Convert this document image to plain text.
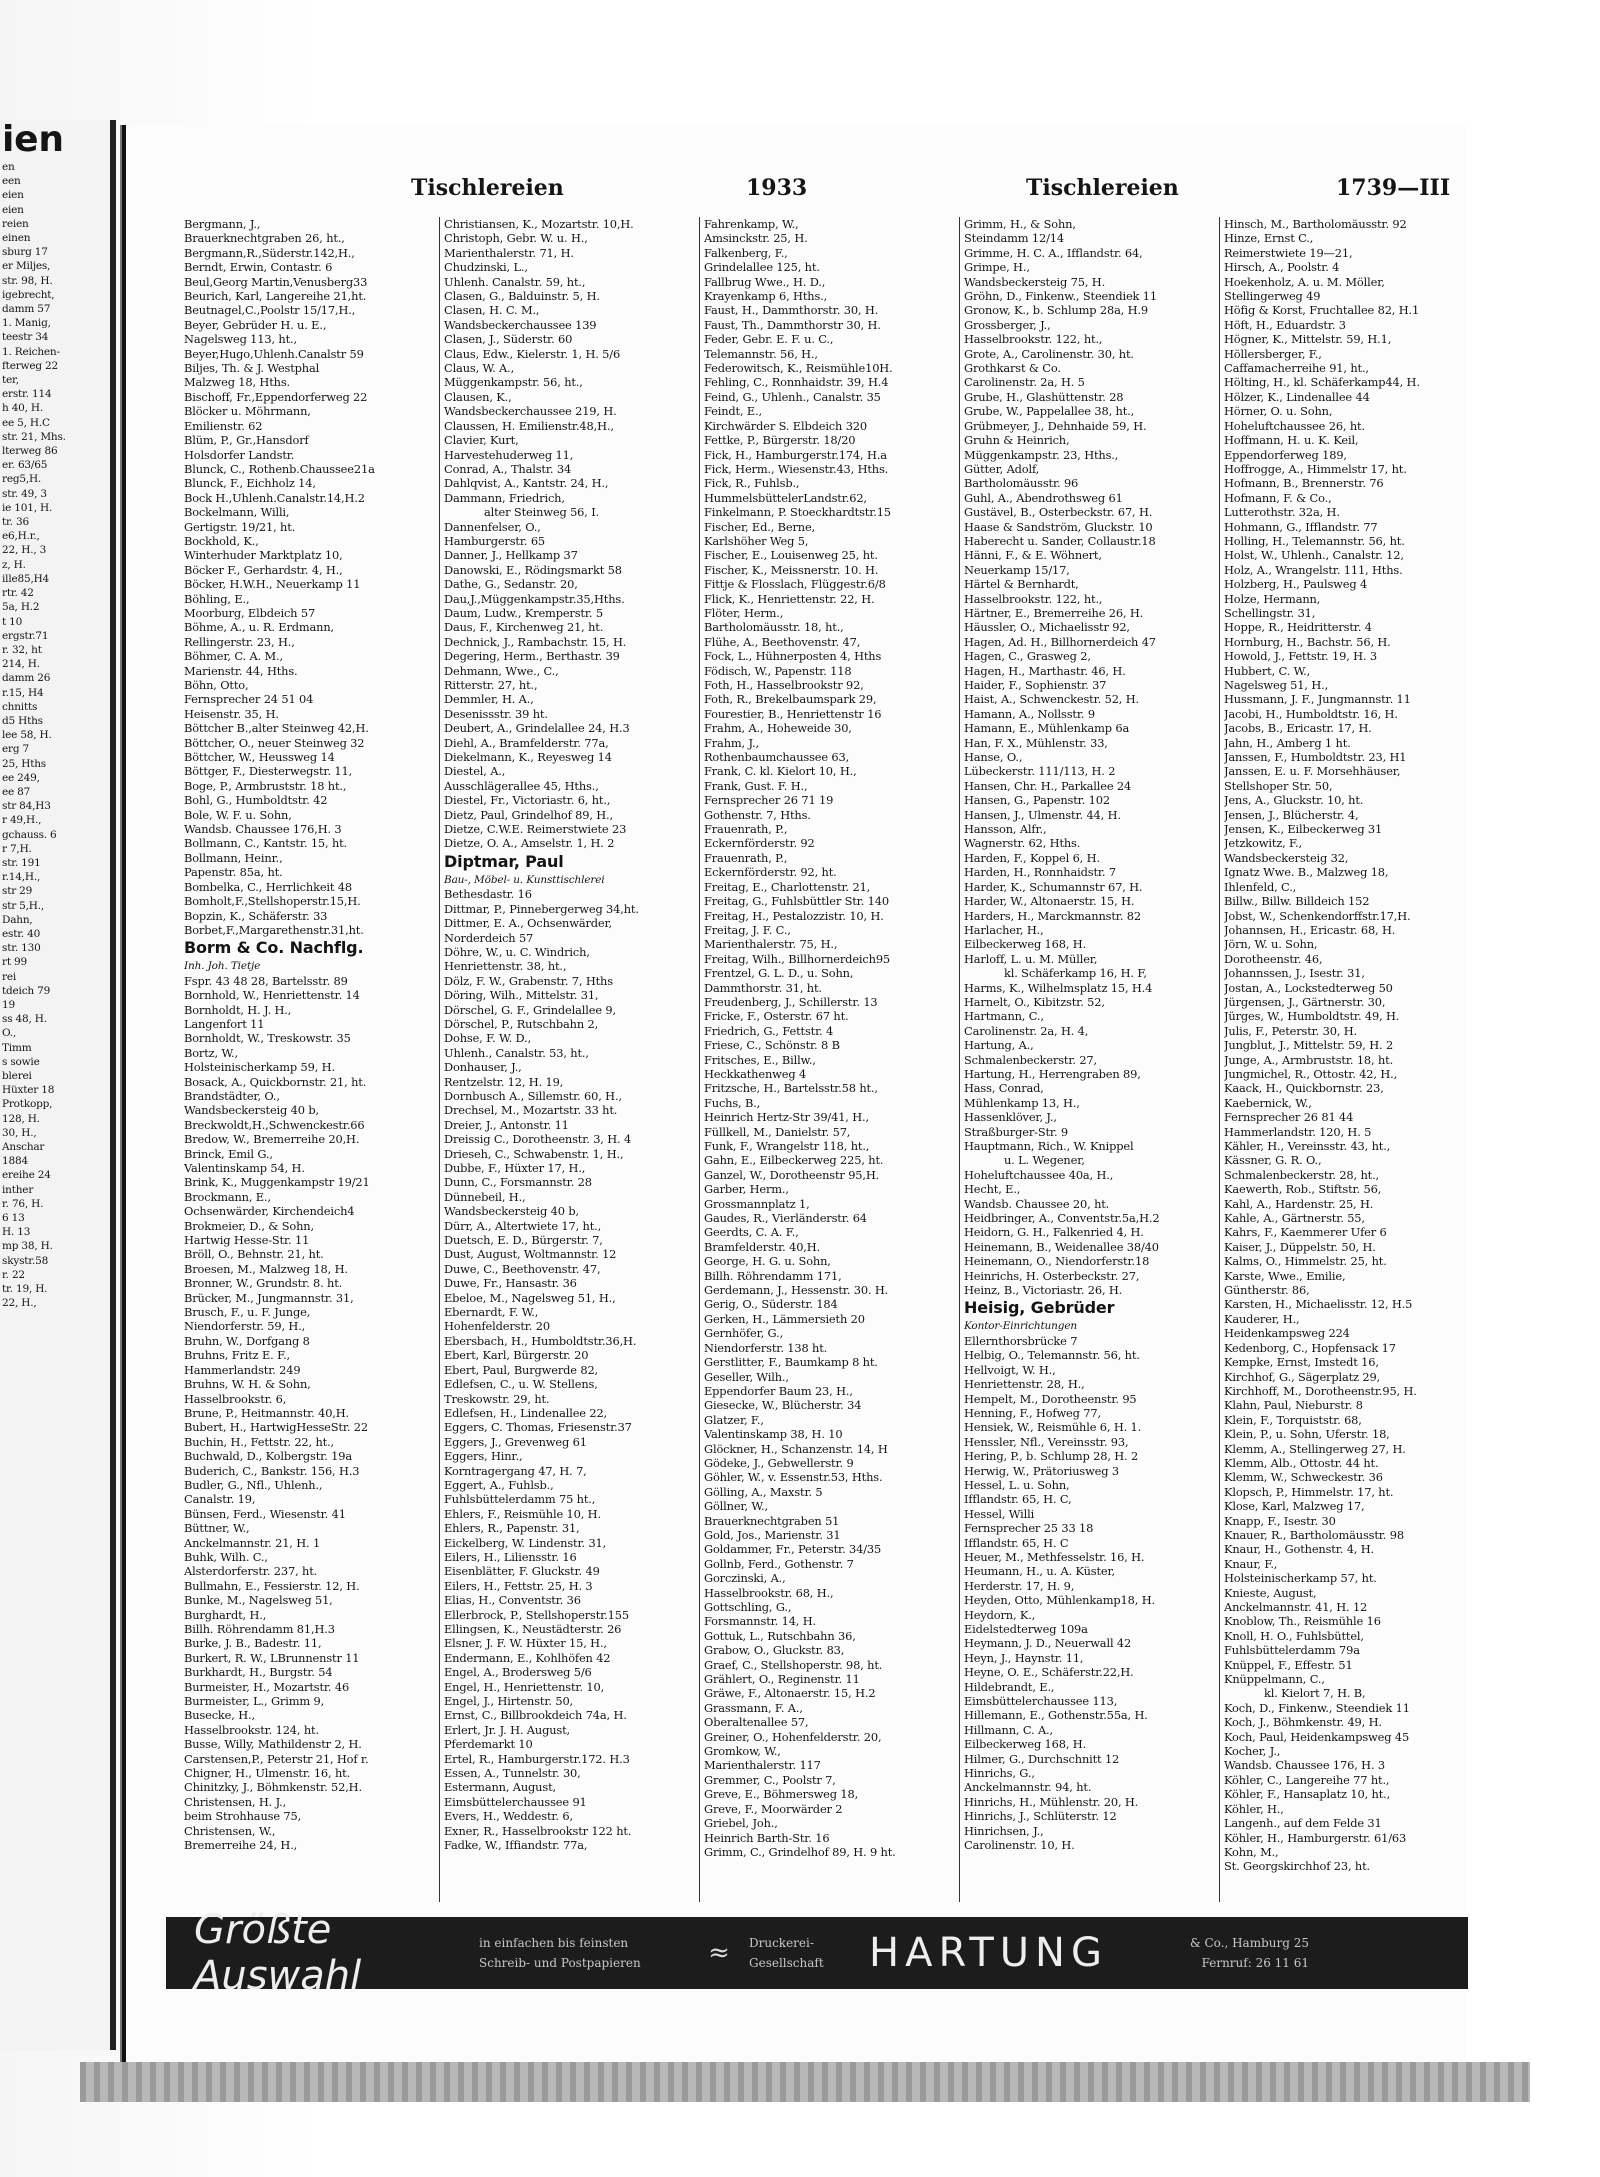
ien
en
een
eien
eien
reien
einen
sburg 17
er Miljes,
str. 98, H.
igebrecht,
damm 57
1. Manig,
teestr 34
1. Reichen-
fterweg 22
ter,
erstr. 114
h 40, H.
ee 5, H.C
str. 21, Mhs.
lterweg 86
er. 63/65
reg5,H.
str. 49, 3
ie 101, H.
tr. 36
e6,H.r.,
22, H., 3
z, H.
ille85,H4
rtr. 42
5a, H.2
t 10
ergstr.71
r. 32, ht
214, H.
damm 26
r.15, H4
chnitts
d5 Hths
lee 58, H.
erg 7
25, Hths
ee 249,
ee 87
str 84,H3
r 49,H.,
gchauss. 6
r 7,H.
str. 191
r.14,H.,
str 29
str 5,H.,
Dahn,
estr. 40
str. 130
rt 99
rei
tdeich 79
19
ss 48, H.
O.,
Timm
s sowie
blerei
Hüxter 18
Protkopp,
128, H.
30, H.,
Anschar
1884
ereihe 24
inther
r. 76, H.
6 13
H. 13
mp 38, H.
skystr.58
r. 22
tr. 19, H.
22, H.,
Tischlereien	1933	Tischlereien	1739—III
Bergmann, J.,
Brauerknechtgraben 26, ht.,
Bergmann,R.,Süderstr.142,H.,
Berndt, Erwin, Contastr. 6
Beul,Georg Martin,Venusberg33
Beurich, Karl, Langereihe 21,ht.
Beutnagel,C.,Poolstr 15/17,H.,
Beyer, Gebrüder H. u. E.,
Nagelsweg 113, ht.,
Beyer,Hugo,Uhlenh.Canalstr 59
Biljes, Th. & J. Westphal
Malzweg 18, Hths.
Bischoff, Fr.,Eppendorferweg 22
Blöcker u. Möhrmann,
Emilienstr. 62
Blüm, P., Gr.,Hansdorf
Holsdorfer Landstr.
Blunck, C., Rothenb.Chaussee21a
Blunck, F., Eichholz 14,
Bock H.,Uhlenh.Canalstr.14,H.2
Bockelmann, Willi,
Gertigstr. 19/21, ht.
Bockhold, K.,
Winterhuder Marktplatz 10,
Böcker F., Gerhardstr. 4, H.,
Böcker, H.W.H., Neuerkamp 11
Böhling, E.,
Moorburg, Elbdeich 57
Böhme, A., u. R. Erdmann,
Rellingerstr. 23, H.,
Böhmer, C. A. M.,
Marienstr. 44, Hths.
Böhn, Otto,
Fernsprecher 24 51 04
Heisenstr. 35, H.
Böttcher B.,alter Steinweg 42,H.
Böttcher, O., neuer Steinweg 32
Böttcher, W., Heussweg 14
Böttger, F., Diesterwegstr. 11,
Boge, P., Armbruststr. 18 ht.,
Bohl, G., Humboldtstr. 42
Bole, W. F. u. Sohn,
Wandsb. Chaussee 176,H. 3
Bollmann, C., Kantstr. 15, ht.
Bollmann, Heinr.,
Papenstr. 85a, ht.
Bombelka, C., Herrlichkeit 48
Bomholt,F.,Stellshoperstr.15,H.
Bopzin, K., Schäferstr. 33
Borbet,F.,Margarethenstr.31,ht.
Borm & Co. Nachflg.
Inh. Joh. Tietje
Fspr. 43 48 28, Bartelsstr. 89
Bornhold, W., Henriettenstr. 14
Bornholdt, H. J. H.,
Langenfort 11
Bornholdt, W., Treskowstr. 35
Bortz, W.,
Holsteinischerkamp 59, H.
Bosack, A., Quickbornstr. 21, ht.
Brandstädter, O.,
Wandsbeckersteig 40 b,
Breckwoldt,H.,Schwenckestr.66
Bredow, W., Bremerreihe 20,H.
Brinck, Emil G.,
Valentinskamp 54, H.
Brink, K., Muggenkampstr 19/21
Brockmann, E.,
Ochsenwärder, Kirchendeich4
Brokmeier, D., & Sohn,
Hartwig Hesse-Str. 11
Bröll, O., Behnstr. 21, ht.
Broesen, M., Malzweg 18, H.
Bronner, W., Grundstr. 8. ht.
Brücker, M., Jungmannstr. 31,
Brusch, F., u. F. Junge,
Niendorferstr. 59, H.,
Bruhn, W., Dorfgang 8
Bruhns, Fritz E. F.,
Hammerlandstr. 249
Bruhns, W. H. & Sohn,
Hasselbrookstr. 6,
Brune, P., Heitmannstr. 40,H.
Bubert, H., HartwigHesseStr. 22
Buchin, H., Fettstr. 22, ht.,
Buchwald, D., Kolbergstr. 19a
Buderich, C., Bankstr. 156, H.3
Budler, G., Nfl., Uhlenh.,
Canalstr. 19,
Bünsen, Ferd., Wiesenstr. 41
Büttner, W.,
Anckelmannstr. 21, H. 1
Buhk, Wilh. C.,
Alsterdorferstr. 237, ht.
Bullmahn, E., Fessierstr. 12, H.
Bunke, M., Nagelsweg 51,
Burghardt, H.,
Billh. Röhrendamm 81,H.3
Burke, J. B., Badestr. 11,
Burkert, R. W., LBrunnenstr 11
Burkhardt, H., Burgstr. 54
Burmeister, H., Mozartstr. 46
Burmeister, L., Grimm 9,
Busecke, H.,
Hasselbrookstr. 124, ht.
Busse, Willy, Mathildenstr 2, H.
Carstensen,P., Peterstr 21, Hof r.
Chigner, H., Ulmenstr. 16, ht.
Chinitzky, J., Böhmkenstr. 52,H.
Christensen, H. J.,
beim Strohhause 75,
Christensen, W.,
Bremerreihe 24, H.,
Christiansen, K., Mozartstr. 10,H.
Christoph, Gebr. W. u. H.,
Marienthalerstr. 71, H.
Chudzinski, L.,
Uhlenh. Canalstr. 59, ht.,
Clasen, G., Balduinstr. 5, H.
Clasen, H. C. M.,
Wandsbeckerchaussee 139
Clasen, J., Süderstr. 60
Claus, Edw., Kielerstr. 1, H. 5/6
Claus, W. A.,
Müggenkampstr. 56, ht.,
Clausen, K.,
Wandsbeckerchaussee 219, H.
Claussen, H. Emilienstr.48,H.,
Clavier, Kurt,
Harvestehuderweg 11,
Conrad, A., Thalstr. 34
Dahlqvist, A., Kantstr. 24, H.,
Dammann, Friedrich,
alter Steinweg 56, I.
Dannenfelser, O.,
Hamburgerstr. 65
Danner, J., Hellkamp 37
Danowski, E., Rödingsmarkt 58
Dathe, G., Sedanstr. 20,
Dau,J.,Müggenkampstr.35,Hths.
Daum, Ludw., Kremperstr. 5
Daus, F., Kirchenweg 21, ht.
Dechnick, J., Rambachstr. 15, H.
Degering, Herm., Berthastr. 39
Dehmann, Wwe., C.,
Ritterstr. 27, ht.,
Demmler, H. A.,
Desenissstr. 39 ht.
Deubert, A., Grindelallee 24, H.3
Diehl, A., Bramfelderstr. 77a,
Diekelmann, K., Reyesweg 14
Diestel, A.,
Ausschlägerallee 45, Hths.,
Diestel, Fr., Victoriastr. 6, ht.,
Dietz, Paul, Grindelhof 89, H.,
Dietze, C.W.E. Reimerstwiete 23
Dietze, O. A., Amselstr. 1, H. 2
Diptmar, Paul
Bau-, Möbel- u. Kunsttischlerei
Bethesdastr. 16
Dittmar, P., Pinnebergerweg 34,ht.
Dittmer, E. A., Ochsenwärder,
Norderdeich 57
Döhre, W., u. C. Windrich,
Henriettenstr. 38, ht.,
Dölz, F. W., Grabenstr. 7, Hths
Döring, Wilh., Mittelstr. 31,
Dörschel, G. F., Grindelallee 9,
Dörschel, P., Rutschbahn 2,
Dohse, F. W. D.,
Uhlenh., Canalstr. 53, ht.,
Donhauser, J.,
Rentzelstr. 12, H. 19,
Dornbusch A., Sillemstr. 60, H.,
Drechsel, M., Mozartstr. 33 ht.
Dreier, J., Antonstr. 11
Dreissig C., Dorotheenstr. 3, H. 4
Drieseh, C., Schwabenstr. 1, H.,
Dubbe, F., Hüxter 17, H.,
Dunn, C., Forsmannstr. 28
Dünnebeil, H.,
Wandsbeckersteig 40 b,
Dürr, A., Altertwiete 17, ht.,
Duetsch, E. D., Bürgerstr. 7,
Dust, August, Woltmannstr. 12
Duwe, C., Beethovenstr. 47,
Duwe, Fr., Hansastr. 36
Ebeloe, M., Nagelsweg 51, H.,
Ebernardt, F. W.,
Hohenfelderstr. 20
Ebersbach, H., Humboldtstr.36,H.
Ebert, Karl, Bürgerstr. 20
Ebert, Paul, Burgwerde 82,
Edlefsen, C., u. W. Stellens,
Treskowstr. 29, ht.
Edlefsen, H., Lindenallee 22,
Eggers, C. Thomas, Friesenstr.37
Eggers, J., Grevenweg 61
Eggers, Hinr.,
Korntragergang 47, H. 7,
Eggert, A., Fuhlsb.,
Fuhlsbüttelerdamm 75 ht.,
Ehlers, F., Reismühle 10, H.
Ehlers, R., Papenstr. 31,
Eickelberg, W. Lindenstr. 31,
Eilers, H., Liliensstr. 16
Eisenblätter, F. Gluckstr. 49
Eilers, H., Fettstr. 25, H. 3
Elias, H., Conventstr. 36
Ellerbrock, P., Stellshoperstr.155
Ellingsen, K., Neustädterstr. 26
Elsner, J. F. W. Hüxter 15, H.,
Endermann, E., Kohlhöfen 42
Engel, A., Brodersweg 5/6
Engel, H., Henriettenstr. 10,
Engel, J., Hirtenstr. 50,
Ernst, C., Billbrookdeich 74a, H.
Erlert, Jr. J. H. August,
Pferdemarkt 10
Ertel, R., Hamburgerstr.172. H.3
Essen, A., Tunnelstr. 30,
Estermann, August,
Eimsbüttelerchaussee 91
Evers, H., Weddestr. 6,
Exner, R., Hasselbrookstr 122 ht.
Fadke, W., Iffiandstr. 77a,
Fahrenkamp, W.,
Amsinckstr. 25, H.
Falkenberg, F.,
Grindelallee 125, ht.
Fallbrug Wwe., H. D.,
Krayenkamp 6, Hths.,
Faust, H., Dammthorstr. 30, H.
Faust, Th., Dammthorstr 30, H.
Feder, Gebr. E. F. u. C.,
Telemannstr. 56, H.,
Federowitsch, K., Reismühle10H.
Fehling, C., Ronnhaidstr. 39, H.4
Feind, G., Uhlenh., Canalstr. 35
Feindt, E.,
Kirchwärder S. Elbdeich 320
Fettke, P., Bürgerstr. 18/20
Fick, H., Hamburgerstr.174, H.a
Fick, Herm., Wiesenstr.43, Hths.
Fick, R., Fuhlsb.,
HummelsbüttelerLandstr.62,
Finkelmann, P. Stoeckhardtstr.15
Fischer, Ed., Berne,
Karlshöher Weg 5,
Fischer, E., Louisenweg 25, ht.
Fischer, K., Meissnerstr. 10. H.
Fittje & Flosslach, Flüggestr.6/8
Flick, K., Henriettenstr. 22, H.
Flöter, Herm.,
Bartholomäusstr. 18, ht.,
Flühe, A., Beethovenstr. 47,
Fock, L., Hühnerposten 4, Hths
Födisch, W., Papenstr. 118
Foth, H., Hasselbrookstr 92,
Foth, R., Brekelbaumspark 29,
Fourestier, B., Henriettenstr 16
Frahm, A., Hoheweide 30,
Frahm, J.,
Rothenbaumchaussee 63,
Frank, C. kl. Kielort 10, H.,
Frank, Gust. F. H.,
Fernsprecher 26 71 19
Gothenstr. 7, Hths.
Frauenrath, P.,
Eckernförderstr. 92
Frauenrath, P.,
Eckernförderstr. 92, ht.
Freitag, E., Charlottenstr. 21,
Freitag, G., Fuhlsbüttler Str. 140
Freitag, H., Pestalozzistr. 10, H.
Freitag, J. F. C.,
Marienthalerstr. 75, H.,
Freitag, Wilh., Billhornerdeich95
Frentzel, G. L. D., u. Sohn,
Dammthorstr. 31, ht.
Freudenberg, J., Schillerstr. 13
Fricke, F., Osterstr. 67 ht.
Friedrich, G., Fettstr. 4
Friese, C., Schönstr. 8 B
Fritsches, E., Billw.,
Heckkathenweg 4
Fritzsche, H., Bartelsstr.58 ht.,
Fuchs, B.,
Heinrich Hertz-Str 39/41, H.,
Füllkell, M., Danielstr. 57,
Funk, F., Wrangelstr 118, ht.,
Gahn, E., Eilbeckerweg 225, ht.
Ganzel, W., Dorotheenstr 95,H.
Garber, Herm.,
Grossmannplatz 1,
Gaudes, R., Vierländerstr. 64
Geerdts, C. A. F.,
Bramfelderstr. 40,H.
George, H. G. u. Sohn,
Billh. Röhrendamm 171,
Gerdemann, J., Hessenstr. 30. H.
Gerig, O., Süderstr. 184
Gerken, H., Lämmersieth 20
Gernhöfer, G.,
Niendorferstr. 138 ht.
Gerstlitter, F., Baumkamp 8 ht.
Geseller, Wilh.,
Eppendorfer Baum 23, H.,
Giesecke, W., Blücherstr. 34
Glatzer, F.,
Valentinskamp 38, H. 10
Glöckner, H., Schanzenstr. 14, H
Gödeke, J., Gebwellerstr. 9
Göhler, W., v. Essenstr.53, Hths.
Gölling, A., Maxstr. 5
Göllner, W.,
Brauerknechtgraben 51
Gold, Jos., Marienstr. 31
Goldammer, Fr., Peterstr. 34/35
Gollnb, Ferd., Gothenstr. 7
Gorczinski, A.,
Hasselbrookstr. 68, H.,
Gottschling, G.,
Forsmannstr. 14, H.
Gottuk, L., Rutschbahn 36,
Grabow, O., Gluckstr. 83,
Graef, C., Stellshoperstr. 98, ht.
Grählert, O., Reginenstr. 11
Gräwe, F., Altonaerstr. 15, H.2
Grassmann, F. A.,
Oberaltenallee 57,
Greiner, O., Hohenfelderstr. 20,
Gromkow, W.,
Marienthalerstr. 117
Gremmer, C., Poolstr 7,
Greve, E., Böhmersweg 18,
Greve, F., Moorwärder 2
Griebel, Joh.,
Heinrich Barth-Str. 16
Grimm, C., Grindelhof 89, H. 9 ht.
Grimm, H., & Sohn,
Steindamm 12/14
Grimme, H. C. A., Ifflandstr. 64,
Grimpe, H.,
Wandsbeckersteig 75, H.
Gröhn, D., Finkenw., Steendiek 11
Gronow, K., b. Schlump 28a, H.9
Grossberger, J.,
Hasselbrookstr. 122, ht.,
Grote, A., Carolinenstr. 30, ht.
Grothkarst & Co.
Carolinenstr. 2a, H. 5
Grube, H., Glashüttenstr. 28
Grube, W., Pappelallee 38, ht.,
Grübmeyer, J., Dehnhaide 59, H.
Gruhn & Heinrich,
Müggenkampstr. 23, Hths.,
Gütter, Adolf,
Bartholomäusstr. 96
Guhl, A., Abendrothsweg 61
Gustävel, B., Osterbeckstr. 67, H.
Haase & Sandström, Gluckstr. 10
Haberecht u. Sander, Collaustr.18
Hänni, F., & E. Wöhnert,
Neuerkamp 15/17,
Härtel & Bernhardt,
Hasselbrookstr. 122, ht.,
Härtner, E., Bremerreihe 26, H.
Häussler, O., Michaelisstr 92,
Hagen, Ad. H., Billhornerdeich 47
Hagen, C., Grasweg 2,
Hagen, H., Marthastr. 46, H.
Haider, F., Sophienstr. 37
Haist, A., Schwenckestr. 52, H.
Hamann, A., Nollsstr. 9
Hamann, E., Mühlenkamp 6a
Han, F. X., Mühlenstr. 33,
Hanse, O.,
Lübeckerstr. 111/113, H. 2
Hansen, Chr. H., Parkallee 24
Hansen, G., Papenstr. 102
Hansen, J., Ulmenstr. 44, H.
Hansson, Alfr.,
Wagnerstr. 62, Hths.
Harden, F., Koppel 6, H.
Harden, H., Ronnhaidstr. 7
Harder, K., Schumannstr 67, H.
Harder, W., Altonaerstr. 15, H.
Harders, H., Marckmannstr. 82
Harlacher, H.,
Eilbeckerweg 168, H.
Harloff, L. u. M. Müller,
kl. Schäferkamp 16, H. F,
Harms, K., Wilhelmsplatz 15, H.4
Harnelt, O., Kibitzstr. 52,
Hartmann, C.,
Carolinenstr. 2a, H. 4,
Hartung, A.,
Schmalenbeckerstr. 27,
Hartung, H., Herrengraben 89,
Hass, Conrad,
Mühlenkamp 13, H.,
Hassenklöver, J.,
Straßburger-Str. 9
Hauptmann, Rich., W. Knippel
u. L. Wegener,
Hoheluftchaussee 40a, H.,
Hecht, E.,
Wandsb. Chaussee 20, ht.
Heidbringer, A., Conventstr.5a,H.2
Heidorn, G. H., Falkenried 4, H.
Heinemann, B., Weidenallee 38/40
Heinemann, O., Niendorferstr.18
Heinrichs, H. Osterbeckstr. 27,
Heinz, B., Victoriastr. 26, H.
Heisig, Gebrüder
Kontor-Einrichtungen
Ellernthorsbrücke 7
Helbig, O., Telemannstr. 56, ht.
Hellvoigt, W. H.,
Henriettenstr. 28, H.,
Hempelt, M., Dorotheenstr. 95
Henning, F., Hofweg 77,
Hensiek, W., Reismühle 6, H. 1.
Henssler, Nfl., Vereinsstr. 93,
Hering, P., b. Schlump 28, H. 2
Herwig, W., Prätoriusweg 3
Hessel, L. u. Sohn,
Ifflandstr. 65, H. C,
Hessel, Willi
Fernsprecher 25 33 18
Ifflandstr. 65, H. C
Heuer, M., Methfesselstr. 16, H.
Heumann, H., u. A. Küster,
Herderstr. 17, H. 9,
Heyden, Otto, Mühlenkamp18, H.
Heydorn, K.,
Eidelstedterweg 109a
Heymann, J. D., Neuerwall 42
Heyn, J., Haynstr. 11,
Heyne, O. E., Schäferstr.22,H.
Hildebrandt, E.,
Eimsbüttelerchaussee 113,
Hillemann, E., Gothenstr.55a, H.
Hillmann, C. A.,
Eilbeckerweg 168, H.
Hilmer, G., Durchschnitt 12
Hinrichs, G.,
Anckelmannstr. 94, ht.
Hinrichs, H., Mühlenstr. 20, H.
Hinrichs, J., Schlüterstr. 12
Hinrichsen, J.,
Carolinenstr. 10, H.
Hinsch, M., Bartholomäusstr. 92
Hinze, Ernst C.,
Reimerstwiete 19—21,
Hirsch, A., Poolstr. 4
Hoekenholz, A. u. M. Möller,
Stellingerweg 49
Höfig & Korst, Fruchtallee 82, H.1
Höft, H., Eduardstr. 3
Högner, K., Mittelstr. 59, H.1,
Höllersberger, F.,
Caffamacherreihe 91, ht.,
Hölting, H., kl. Schäferkamp44, H.
Hölzer, K., Lindenallee 44
Hörner, O. u. Sohn,
Hoheluftchaussee 26, ht.
Hoffmann, H. u. K. Keil,
Eppendorferweg 189,
Hoffrogge, A., Himmelstr 17, ht.
Hofmann, B., Brennerstr. 76
Hofmann, F. & Co.,
Lutterothstr. 32a, H.
Hohmann, G., Ifflandstr. 77
Holling, H., Telemannstr. 56, ht.
Holst, W., Uhlenh., Canalstr. 12,
Holz, A., Wrangelstr. 111, Hths.
Holzberg, H., Paulsweg 4
Holze, Hermann,
Schellingstr. 31,
Hoppe, R., Heidritterstr. 4
Hornburg, H., Bachstr. 56, H.
Howold, J., Fettstr. 19, H. 3
Hubbert, C. W.,
Nagelsweg 51, H.,
Hussmann, J. F., Jungmannstr. 11
Jacobi, H., Humboldtstr. 16, H.
Jacobs, B., Ericastr. 17, H.
Jahn, H., Amberg 1 ht.
Janssen, F., Humboldtstr. 23, H1
Janssen, E. u. F. Morsehhäuser,
Stellshoper Str. 50,
Jens, A., Gluckstr. 10, ht.
Jensen, J., Blücherstr. 4,
Jensen, K., Eilbeckerweg 31
Jetzkowitz, F.,
Wandsbeckersteig 32,
Ignatz Wwe. B., Malzweg 18,
Ihlenfeld, C.,
Billw., Billw. Billdeich 152
Jobst, W., Schenkendorffstr.17,H.
Johannsen, H., Ericastr. 68, H.
Jörn, W. u. Sohn,
Dorotheenstr. 46,
Johannssen, J., Isestr. 31,
Jostan, A., Lockstedterweg 50
Jürgensen, J., Gärtnerstr. 30,
Jürges, W., Humboldtstr. 49, H.
Julis, F., Peterstr. 30, H.
Jungblut, J., Mittelstr. 59, H. 2
Junge, A., Armbruststr. 18, ht.
Jungmichel, R., Ottostr. 42, H.,
Kaack, H., Quickbornstr. 23,
Kaebernick, W.,
Fernsprecher 26 81 44
Hammerlandstr. 120, H. 5
Kähler, H., Vereinsstr. 43, ht.,
Kässner, G. R. O.,
Schmalenbeckerstr. 28, ht.,
Kaewerth, Rob., Stiftstr. 56,
Kahl, A., Hardenstr. 25, H.
Kahle, A., Gärtnerstr. 55,
Kahrs, F., Kaemmerer Ufer 6
Kaiser, J., Düppelstr. 50, H.
Kalms, O., Himmelstr. 25, ht.
Karste, Wwe., Emilie,
Güntherstr. 86,
Karsten, H., Michaelisstr. 12, H.5
Kauderer, H.,
Heidenkampsweg 224
Kedenborg, C., Hopfensack 17
Kempke, Ernst, Imstedt 16,
Kirchhof, G., Sägerplatz 29,
Kirchhoff, M., Dorotheenstr.95, H.
Klahn, Paul, Nieburstr. 8
Klein, F., Torquiststr. 68,
Klein, P., u. Sohn, Uferstr. 18,
Klemm, A., Stellingerweg 27, H.
Klemm, Alb., Ottostr. 44 ht.
Klemm, W., Schweckestr. 36
Klopsch, P., Himmelstr. 17, ht.
Klose, Karl, Malzweg 17,
Knapp, F., Isestr. 30
Knauer, R., Bartholomäusstr. 98
Knaur, H., Gothenstr. 4, H.
Knaur, F.,
Holsteinischerkamp 57, ht.
Knieste, August,
Anckelmannstr. 41, H. 12
Knoblow, Th., Reismühle 16
Knoll, H. O., Fuhlsbüttel,
Fuhlsbüttelerdamm 79a
Knüppel, F., Effestr. 51
Knüppelmann, C.,
kl. Kielort 7, H. B,
Koch, D., Finkenw., Steendiek 11
Koch, J., Böhmkenstr. 49, H.
Koch, Paul, Heidenkampsweg 45
Kocher, J.,
Wandsb. Chaussee 176, H. 3
Köhler, C., Langereihe 77 ht.,
Köhler, F., Hansaplatz 10, ht.,
Köhler, H.,
Langenh., auf dem Felde 31
Köhler, H., Hamburgerstr. 61/63
Kohn, M.,
St. Georgskirchhof 23, ht.
Größte Auswahl
in einfachen bis feinsten
Schreib- und Postpapieren	≈	Druckerei-
Gesellschaft	HARTUNG	& Co., Hamburg 25
Fernruf: 26 11 61
